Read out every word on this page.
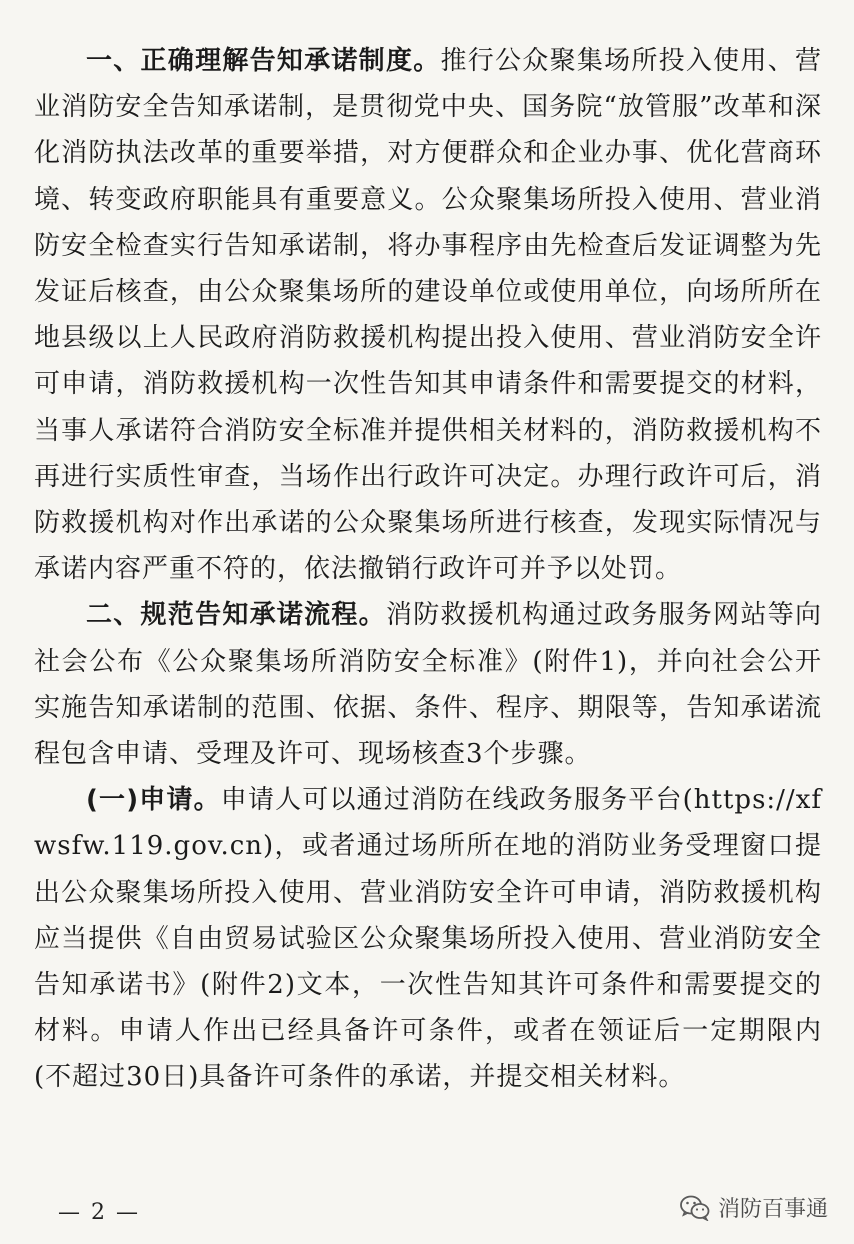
一、正确理解告知承诺制度。推行公众聚集场所投入使用、营业消防安全告知承诺制，是贯彻党中央、国务院“放管服”改革和深化消防执法改革的重要举措，对方便群众和企业办事、优化营商环境、转变政府职能具有重要意义。公众聚集场所投入使用、营业消防安全检查实行告知承诺制，将办事程序由先检查后发证调整为先发证后核查，由公众聚集场所的建设单位或使用单位，向场所所在地县级以上人民政府消防救援机构提出投入使用、营业消防安全许可申请，消防救援机构一次性告知其申请条件和需要提交的材料，当事人承诺符合消防安全标准并提供相关材料的，消防救援机构不再进行实质性审查，当场作出行政许可决定。办理行政许可后，消防救援机构对作出承诺的公众聚集场所进行核查，发现实际情况与承诺内容严重不符的，依法撤销行政许可并予以处罚。

二、规范告知承诺流程。消防救援机构通过政务服务网站等向社会公布《公众聚集场所消防安全标准》(附件1)，并向社会公开实施告知承诺制的范围、依据、条件、程序、期限等，告知承诺流程包含申请、受理及许可、现场核查3个步骤。

(一)申请。申请人可以通过消防在线政务服务平台(https://xfwsfw.119.gov.cn)，或者通过场所所在地的消防业务受理窗口提出公众聚集场所投入使用、营业消防安全许可申请，消防救援机构应当提供《自由贸易试验区公众聚集场所投入使用、营业消防安全告知承诺书》(附件2)文本，一次性告知其许可条件和需要提交的材料。申请人作出已经具备许可条件，或者在领证后一定期限内(不超过30日)具备许可条件的承诺，并提交相关材料。

— 2 —	消防百事通
